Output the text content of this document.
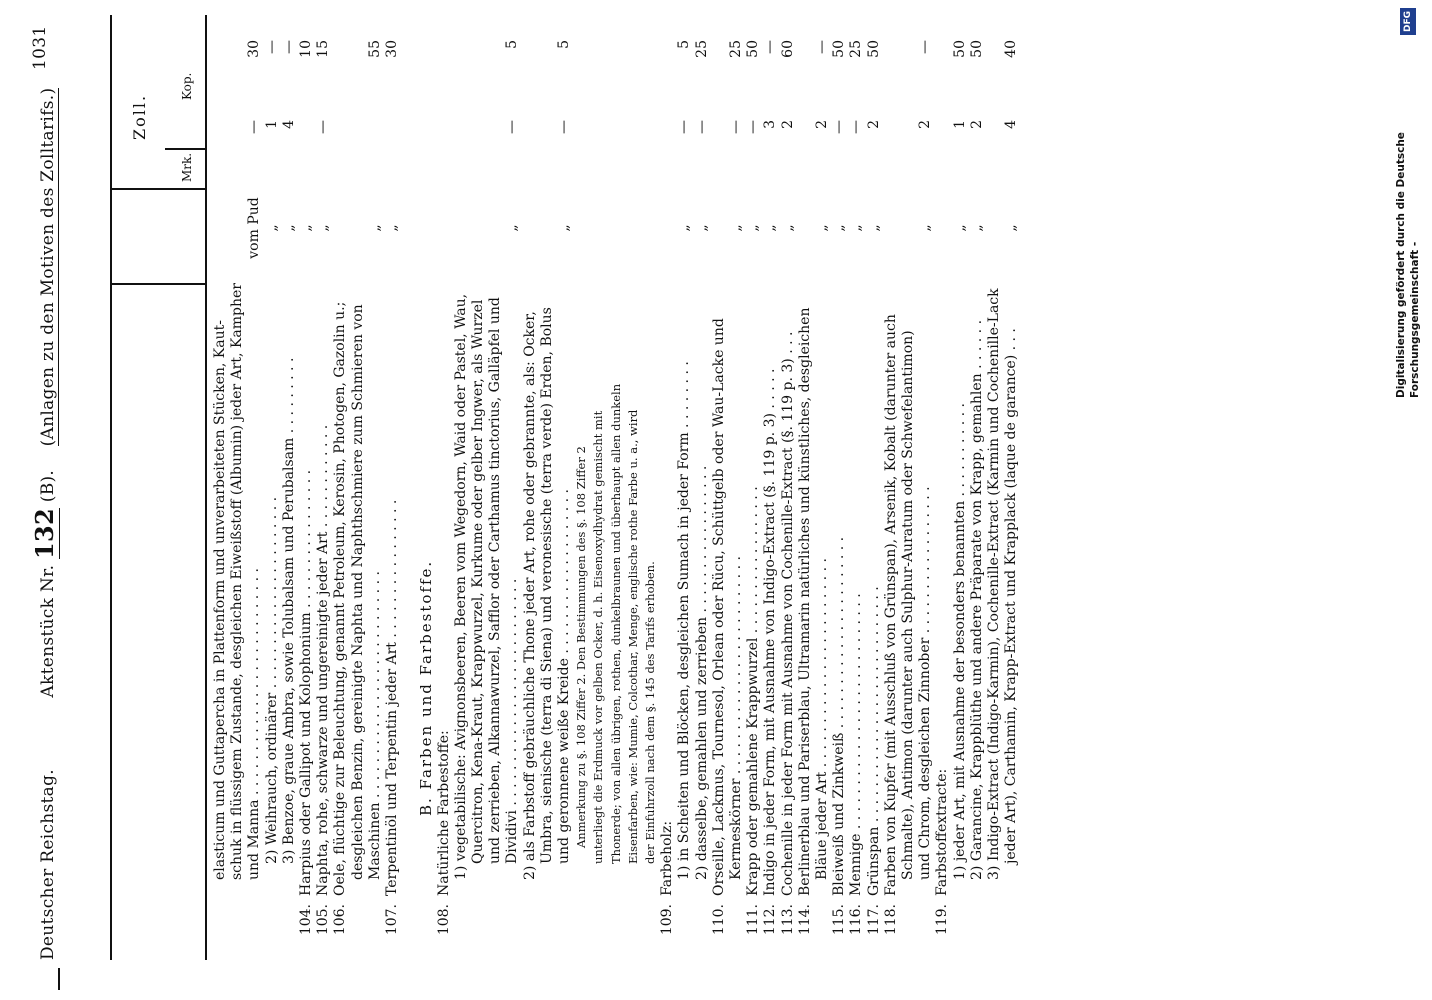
Deutscher Reichstag.  Aktenstück Nr. 132 (B).  (Anlagen zu den Motiven des Zolltarifs.)
1031
Zoll.
Mrk.
Kop.
elasticum und Guttapercha in Plattenform und unverarbeiteten Stücken, Kaut- schuk in flüssigem Zustande, desgleichen Eiweißstoff (Albumin) jeder Art, Kampher und Manna . . . . . . . . . . . . . . . . . . . . . . . . . .
vom Pud
—
30
2) Weihrauch, ordinärer . . . . . . . . . . . . . . . . . . . . . .
„
1
—
3) Benzoe, graue Ambra, sowie Tolubalsam und Perubalsam . . . . . . . . .
„
4
—
104.
Harpius oder Gallipot und Kolophonium . . . . . . . . . . . . . . . .
„
10
105.
Naphta, rohe, schwarze und ungereinigte jeder Art . . . . . . . . . . . .
„
—
15
106.
Oele, flüchtige zur Beleuchtung, genannt Petroleum, Kerosin, Photogen, Gazolin u.; desgleichen Benzin, gereinigte Naphta und Naphthschmiere zum Schmieren von Maschinen . . . . . . . . . . . . . . . . . . . . . . . . . .
„
55
107.
Terpentinöl und Terpentin jeder Art . . . . . . . . . . . . . . . .
„
30
B. Farben und Farbestoffe.
108.
Natürliche Farbestoffe: 1) vegetabilische: Avignonsbeeren, Beeren vom Wegedorn, Waid oder Pastel, Wau, Quercitron, Kena-Kraut, Krappwurzel, Kurkume oder gelber Ingwer, als Wurzel und zerrieben, Alkannawurzel, Safflor oder Carthamus tinctorius, Galläpfel und Dividivi . . . . . . . . . . . . . . . . . . . . . . . . . .
„
—
5
2) als Farbstoff gebräuchliche Thone jeder Art, rohe oder gebrannte, als: Ocker, Umbra, sienische (terra di Siena) und veronesische (terra verde) Erden, Bolus und geronnene weiße Kreide . . . . . . . . . . . . . . . . . . .
„
—
5
Anmerkung zu §. 108 Ziffer 2. Den Bestimmungen des §. 108 Ziffer 2 unterliegt die Erdmuck vor gelben Ocker, d. h. Eisenoxydhydrat gemischt mit Thonerde; von allen übrigen, rothen, dunkelbraunen und überhaupt allen dunkeln Eisenfarben, wie: Mumie, Colcothar, Menge, englische rothe Farbe u. a., wird der Einfuhrzoll nach dem §. 145 des Tarifs erhoben.
109.
Farbeholz: 1) in Scheiten und Blöcken, desgleichen Sumach in jeder Form . . . . . . . .
„
—
5
2) dasselbe, gemahlen und zerrieben . . . . . . . . . . . . . . . . .
„
—
25
110.
Orseille, Lackmus, Tournesol, Orlean oder Rücu, Schüttgelb oder Wau-Lacke und Kermeskörner . . . . . . . . . . . . . . . . . . . . . . . . .
„
—
25
111.
Krapp oder gemahlene Krappwurzel . . . . . . . . . . . . . . . . .
„
—
50
112.
Indigo in jeder Form, mit Ausnahme von Indigo-Extract (§. 119 p. 3) . . . . .
„
3
—
113.
Cochenille in jeder Form mit Ausnahme von Cochenille-Extract (§. 119 p. 3) . . .
„
2
60
114.
Berlinerblau und Pariserblau, Ultramarin natürliches und künstliches, desgleichen Bläue jeder Art . . . . . . . . . . . . . . . . . . . . . . . .
„
2
—
115.
Bleiweiß und Zinkweiß . . . . . . . . . . . . . . . . . . . . . .
„
—
50
116.
Mennige . . . . . . . . . . . . . . . . . . . . . . . . . . .
„
—
25
117.
Grünspan . . . . . . . . . . . . . . . . . . . . . . . . . . .
„
2
50
118.
Farben von Kupfer (mit Ausschluß von Grünspan), Arsenik, Kobalt (darunter auch Schmalte), Antimon (darunter auch Sulphur-Auratum oder Schwefelantimon) und Chrom, desgleichen Zinnober . . . . . . . . . . . . . . . . .
„
2
—
119.
Farbstoffextracte: 1) jeder Art, mit Ausnahme der besonders benannten . . . . . . . . . . .
„
1
50
2) Garancine, Krappblüthe und andere Präparate von Krapp, gemahlen . . . . . .
„
2
50
3) Indigo-Extract (Indigo-Karmin), Cochenille-Extract (Karmin und Cochenille-Lack jeder Art), Carthamin, Krapp-Extract und Krapplack (laque de garance) . . .
„
4
40
Digitalisierung gefördert durch die Deutsche Forschungsgemeinschaft -
DFG
